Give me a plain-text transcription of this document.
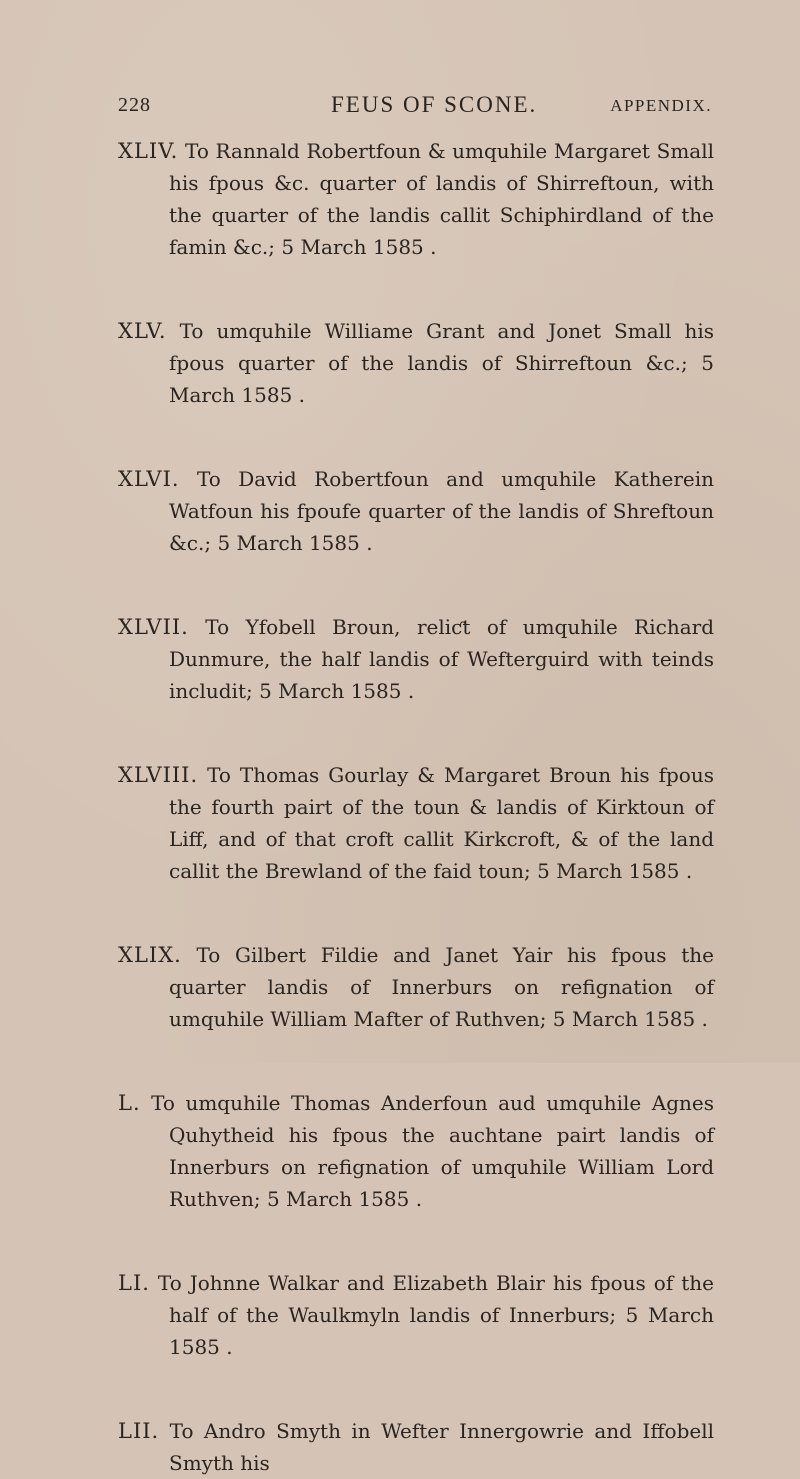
228	FEUS OF SCONE.	APPENDIX.

XLIV. To Rannald Robertfoun & umquhile Margaret Small his fpous &c. quarter of landis of Shirreftoun, with the quarter of the landis callit Schiphirdland of the famin &c.; 5 March 1585 .

XLV. To umquhile Williame Grant and Jonet Small his fpous quarter of the landis of Shirreftoun &c.; 5 March 1585 .

XLVI. To David Robertfoun and umquhile Katherein Watfoun his fpoufe quarter of the landis of Shreftoun &c.; 5 March 1585 .

XLVII. To Yfobell Broun, reliƈt of umquhile Richard Dunmure, the half landis of Wefterguird with teinds includit; 5 March 1585 .

XLVIII. To Thomas Gourlay & Margaret Broun his fpous the fourth pairt of the toun & landis of Kirktoun of Liff, and of that croft callit Kirkcroft, & of the land callit the Brewland of the faid toun; 5 March 1585 .

XLIX. To Gilbert Fildie and Janet Yair his fpous the quarter landis of Innerburs on refignation of umquhile William Mafter of Ruthven; 5 March 1585 .

L. To umquhile Thomas Anderfoun aud umquhile Agnes Quhytheid his fpous the auchtane pairt landis of Innerburs on refignation of umquhile William Lord Ruthven; 5 March 1585 .

LI. To Johnne Walkar and Elizabeth Blair his fpous of the half of the Waulkmyln landis of Innerburs; 5 March 1585 .

LII. To Andro Smyth in Wefter Innergowrie and Iffobell Smyth his
